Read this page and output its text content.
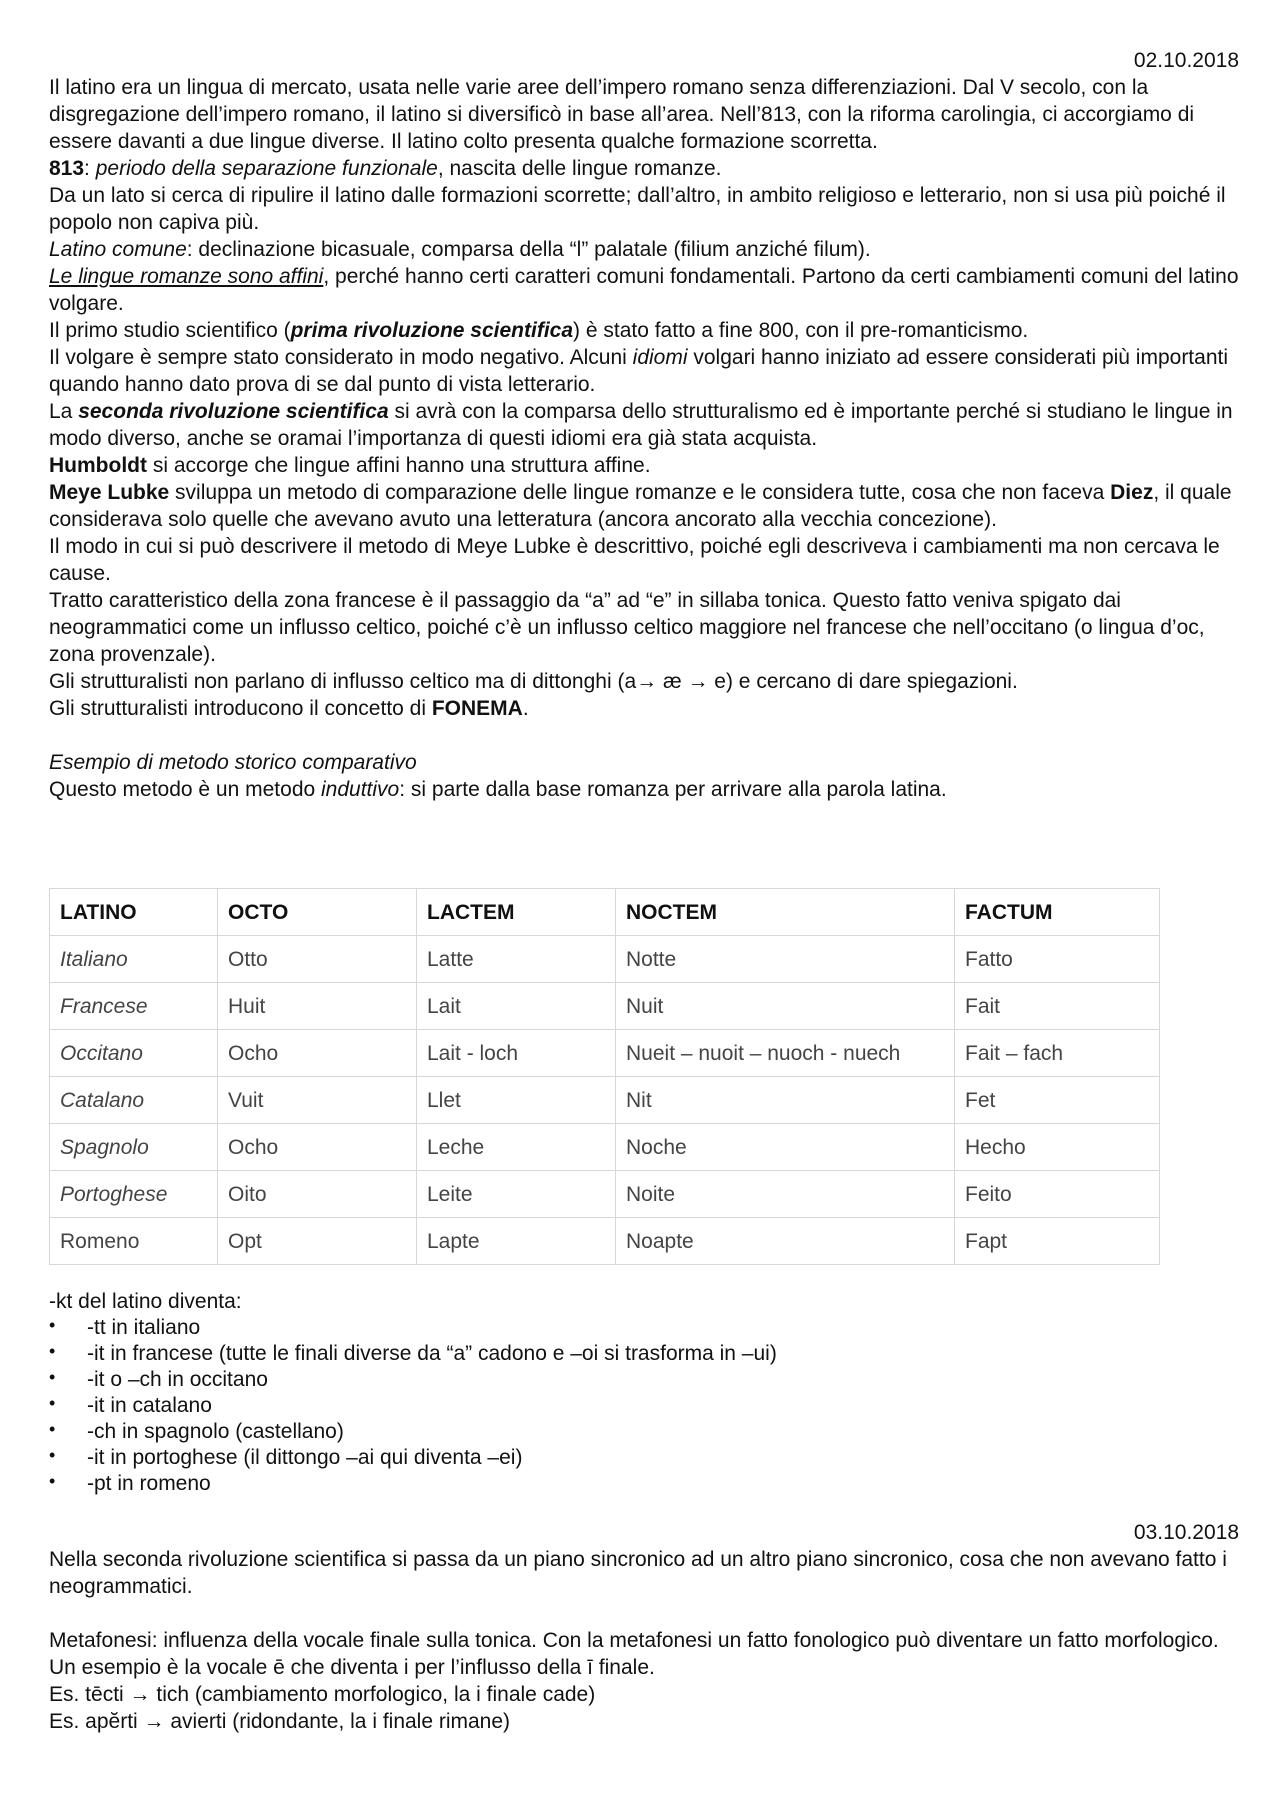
02.10.2018

Il latino era un lingua di mercato, usata nelle varie aree dell’impero romano senza differenziazioni. Dal V secolo, con la disgregazione dell’impero romano, il latino si diversificò in base all’area. Nell’813, con la riforma carolingia, ci accorgiamo di essere davanti a due lingue diverse. Il latino colto presenta qualche formazione scorretta.

813: periodo della separazione funzionale, nascita delle lingue romanze.

Da un lato si cerca di ripulire il latino dalle formazioni scorrette; dall’altro, in ambito religioso e letterario, non si usa più poiché il popolo non capiva più.

Latino comune: declinazione bicasuale, comparsa della “l” palatale (filium anziché filum).

Le lingue romanze sono affini, perché hanno certi caratteri comuni fondamentali. Partono da certi cambiamenti comuni del latino volgare.

Il primo studio scientifico (prima rivoluzione scientifica) è stato fatto a fine 800, con il pre-romanticismo.

Il volgare è sempre stato considerato in modo negativo. Alcuni idiomi volgari hanno iniziato ad essere considerati più importanti quando hanno dato prova di se dal punto di vista letterario.

La seconda rivoluzione scientifica si avrà con la comparsa dello strutturalismo ed è importante perché si studiano le lingue in modo diverso, anche se oramai l’importanza di questi idiomi era già stata acquista.

Humboldt si accorge che lingue affini hanno una struttura affine.

Meye Lubke sviluppa un metodo di comparazione delle lingue romanze e le considera tutte, cosa che non faceva Diez, il quale considerava solo quelle che avevano avuto una letteratura (ancora ancorato alla vecchia concezione).

Il modo in cui si può descrivere il metodo di Meye Lubke è descrittivo, poiché egli descriveva i cambiamenti ma non cercava le cause.

Tratto caratteristico della zona francese è il passaggio da “a” ad “e” in sillaba tonica. Questo fatto veniva spigato dai neogrammatici come un influsso celtico, poiché c’è un influsso celtico maggiore nel francese che nell’occitano (o lingua d’oc, zona provenzale).

Gli strutturalisti non parlano di influsso celtico ma di dittonghi (a→ æ → e) e cercano di dare spiegazioni.

Gli strutturalisti introducono il concetto di FONEMA.

Esempio di metodo storico comparativo

Questo metodo è un metodo induttivo: si parte dalla base romanza per arrivare alla parola latina.

LATINO	OCTO	LACTEM	NOCTEM	FACTUM
Italiano	Otto	Latte	Notte	Fatto
Francese	Huit	Lait	Nuit	Fait
Occitano	Ocho	Lait - loch	Nueit – nuoit – nuoch - nuech	Fait – fach
Catalano	Vuit	Llet	Nit	Fet
Spagnolo	Ocho	Leche	Noche	Hecho
Portoghese	Oito	Leite	Noite	Feito
Romeno	Opt	Lapte	Noapte	Fapt

-kt del latino diventa:

• -tt in italiano
• -it in francese (tutte le finali diverse da “a” cadono e –oi si trasforma in –ui)
• -it o –ch in occitano
• -it in catalano
• -ch in spagnolo (castellano)
• -it in portoghese (il dittongo –ai qui diventa –ei)
• -pt in romeno
03.10.2018

Nella seconda rivoluzione scientifica si passa da un piano sincronico ad un altro piano sincronico, cosa che non avevano fatto i neogrammatici.

Metafonesi: influenza della vocale finale sulla tonica. Con la metafonesi un fatto fonologico può diventare un fatto morfologico. Un esempio è la vocale ē che diventa i per l’influsso della ī finale.

Es. tēcti → tich (cambiamento morfologico, la i finale cade)

Es. apĕrti → avierti (ridondante, la i finale rimane)
